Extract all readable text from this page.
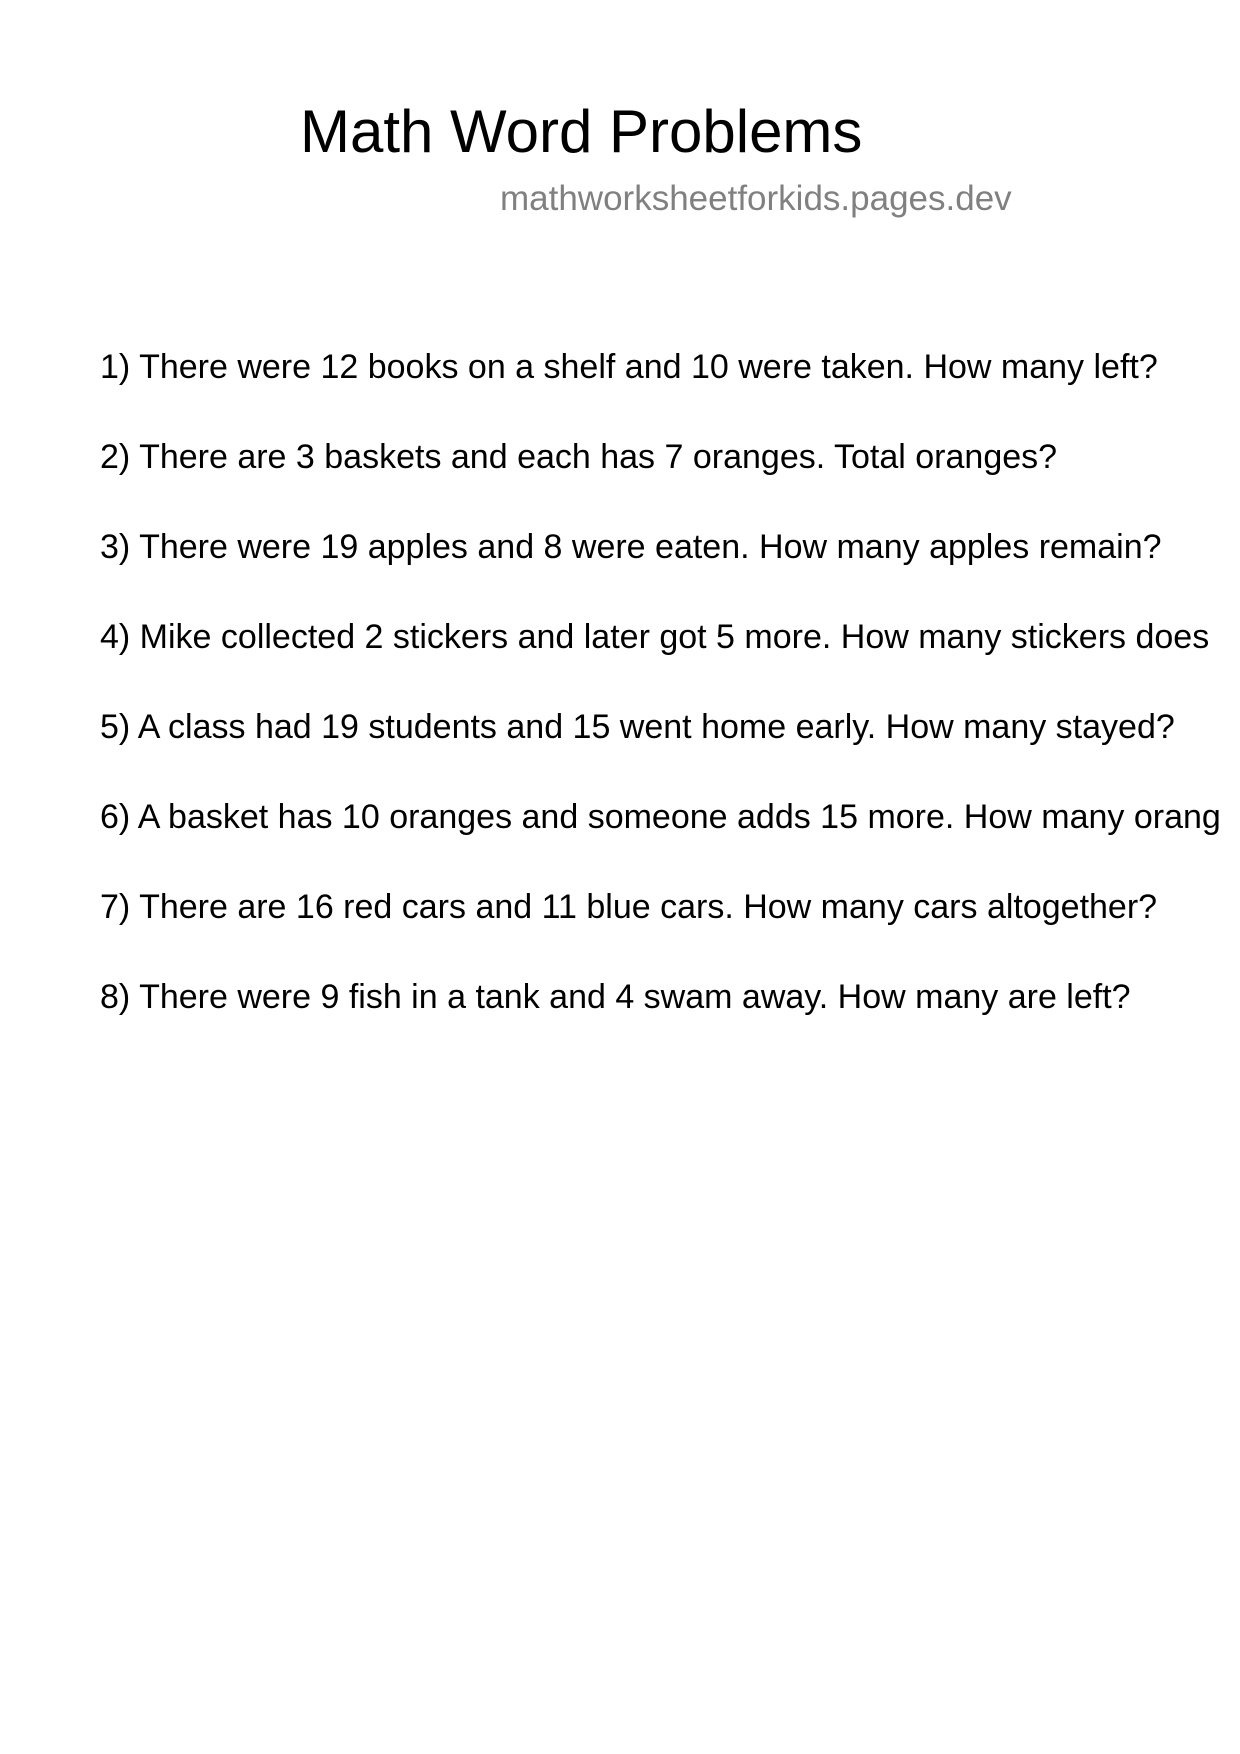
Math Word Problems
mathworksheetforkids.pages.dev
1) There were 12 books on a shelf and 10 were taken. How many left?
2) There are 3 baskets and each has 7 oranges. Total oranges?
3) There were 19 apples and 8 were eaten. How many apples remain?
4) Mike collected 2 stickers and later got 5 more. How many stickers does
5) A class had 19 students and 15 went home early. How many stayed?
6) A basket has 10 oranges and someone adds 15 more. How many orang
7) There are 16 red cars and 11 blue cars. How many cars altogether?
8) There were 9 fish in a tank and 4 swam away. How many are left?
